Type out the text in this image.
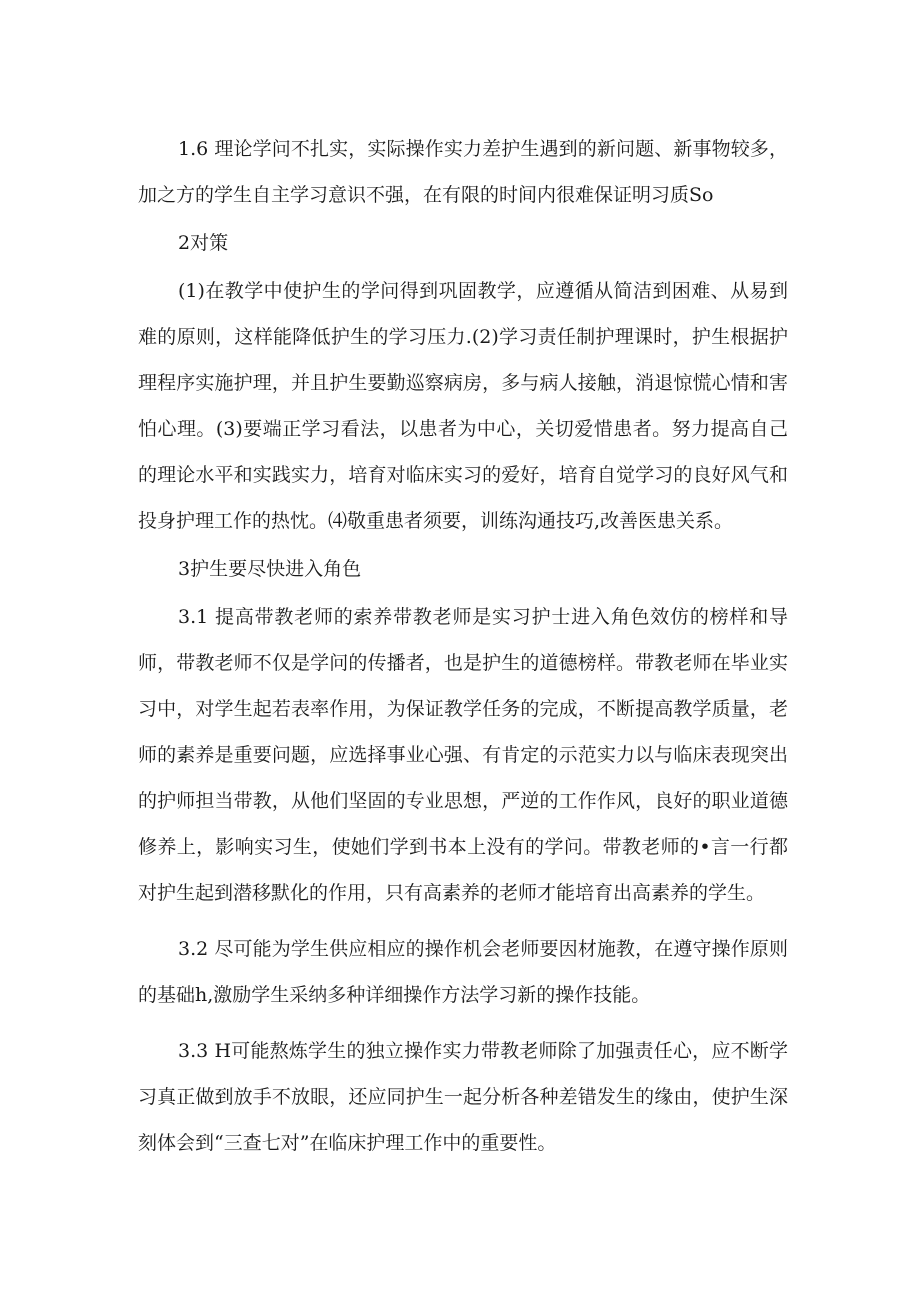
1.6 理论学问不扎实，实际操作实力差护生遇到的新问题、新事物较多，加之方的学生自主学习意识不强，在有限的时间内很难保证明习质So

2对策

(1)在教学中使护生的学问得到巩固教学，应遵循从简洁到困难、从易到难的原则，这样能降低护生的学习压力.(2)学习责任制护理课时，护生根据护理程序实施护理，并且护生要勤巡察病房，多与病人接触，消退惊慌心情和害怕心理。(3)要端正学习看法，以患者为中心，关切爱惜患者。努力提高自己的理论水平和实践实力，培育对临床实习的爱好，培育自觉学习的良好风气和投身护理工作的热忱。⑷敬重患者须要，训练沟通技巧,改善医患关系。

3护生要尽快进入角色

3.1 提高带教老师的索养带教老师是实习护士进入角色效仿的榜样和导师，带教老师不仅是学问的传播者，也是护生的道德榜样。带教老师在毕业实习中，对学生起若表率作用，为保证教学任务的完成，不断提高教学质量，老师的素养是重要问题，应选择事业心强、有肯定的示范实力以与临床表现突出的护师担当带教，从他们坚固的专业思想，严逆的工作作风，良好的职业道德修养上，影响实习生，使她们学到书本上没有的学问。带教老师的•言一行都对护生起到潜移默化的作用，只有高素养的老师才能培育出高素养的学生。

3.2 尽可能为学生供应相应的操作机会老师要因材施教，在遵守操作原则的基础h,激励学生采纳多种详细操作方法学习新的操作技能。

3.3 H可能熬炼学生的独立操作实力带教老师除了加强责任心，应不断学习真正做到放手不放眼，还应同护生一起分析各种差错发生的缘由，使护生深刻体会到“三查七对”在临床护理工作中的重要性。
